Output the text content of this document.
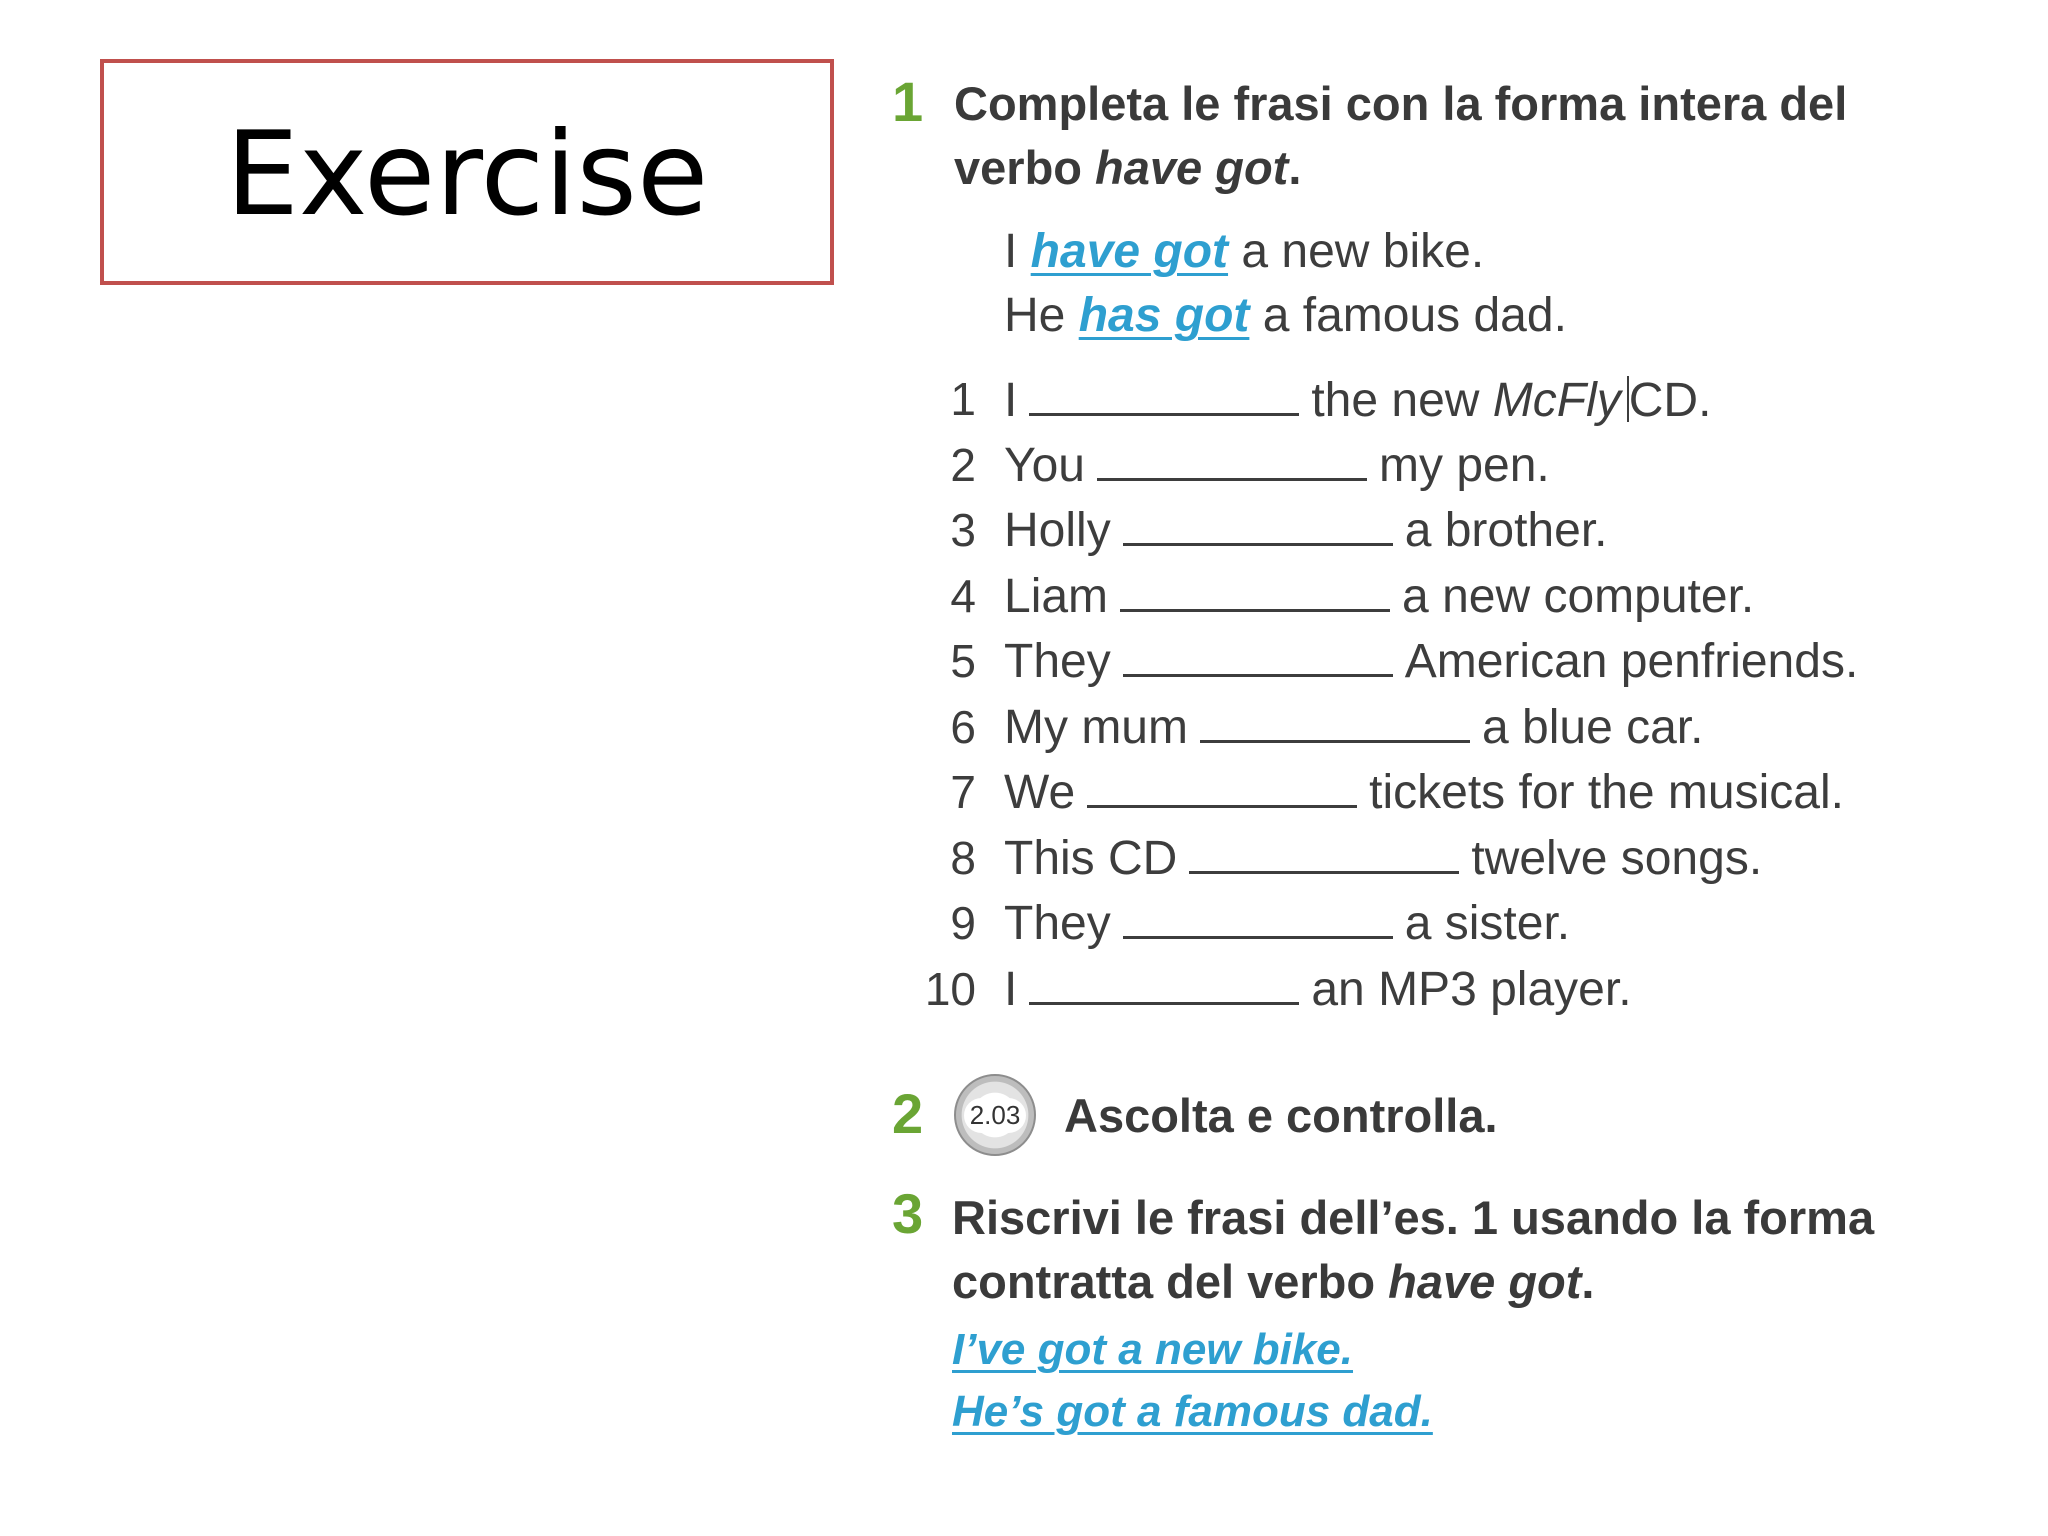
Exercise
1 Completa le frasi con la forma intera del
verbo have got.
I have got a new bike.
He has got a famous dad.
1 I	the new McFly CD.
2 You	my pen.
3 Holly	a brother.
4 Liam	a new computer.
5 They	American penfriends.
6 My mum	a blue car.
7 We	tickets for the musical.
8 This CD	twelve songs.
9 They	a sister.
10 I	an MP3 player.
2 2.03 Ascolta e controlla.
3 Riscrivi le frasi dell’es. 1 usando la forma
contratta del verbo have got.
I’ve got a new bike.
He’s got a famous dad.
